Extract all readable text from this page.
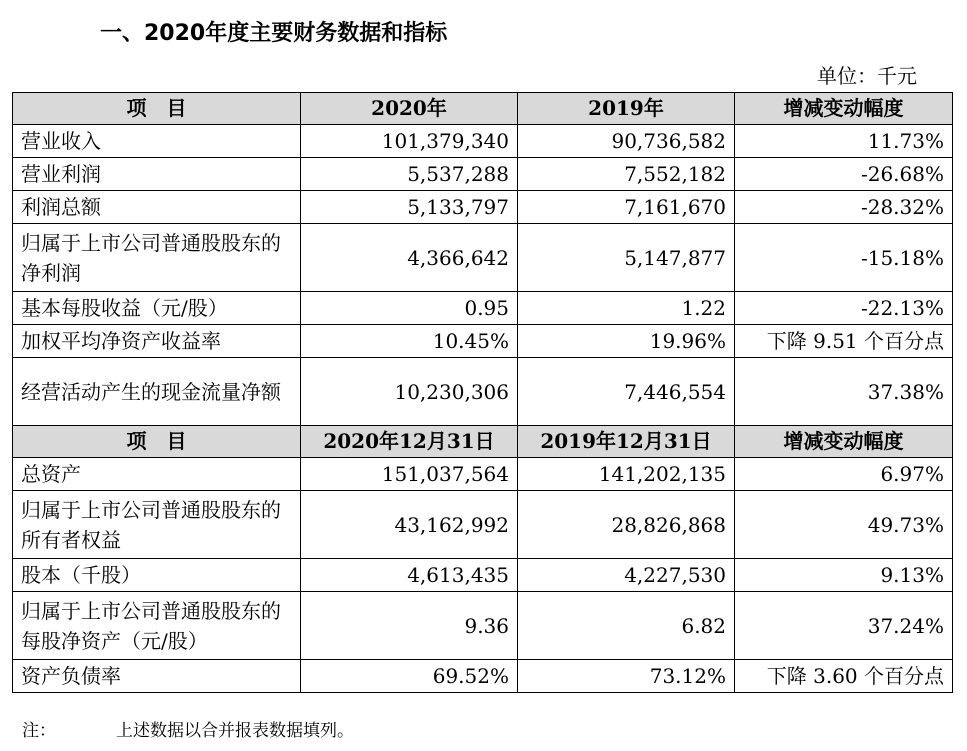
一、2020年度主要财务数据和指标
单位：千元
项　目	2020年	2019年	增减变动幅度
营业收入	101,379,340	90,736,582	11.73%
营业利润	5,537,288	7,552,182	-26.68%
利润总额	5,133,797	7,161,670	-28.32%
归属于上市公司普通股股东的净利润	4,366,642	5,147,877	-15.18%
基本每股收益（元/股）	0.95	1.22	-22.13%
加权平均净资产收益率	10.45%	19.96%	下降 9.51 个百分点
经营活动产生的现金流量净额	10,230,306	7,446,554	37.38%
项　目	2020年12月31日	2019年12月31日	增减变动幅度
总资产	151,037,564	141,202,135	6.97%
归属于上市公司普通股股东的所有者权益	43,162,992	28,826,868	49.73%
股本（千股）	4,613,435	4,227,530	9.13%
归属于上市公司普通股股东的每股净资产（元/股）	9.36	6.82	37.24%
资产负债率	69.52%	73.12%	下降 3.60 个百分点
注：	上述数据以合并报表数据填列。
